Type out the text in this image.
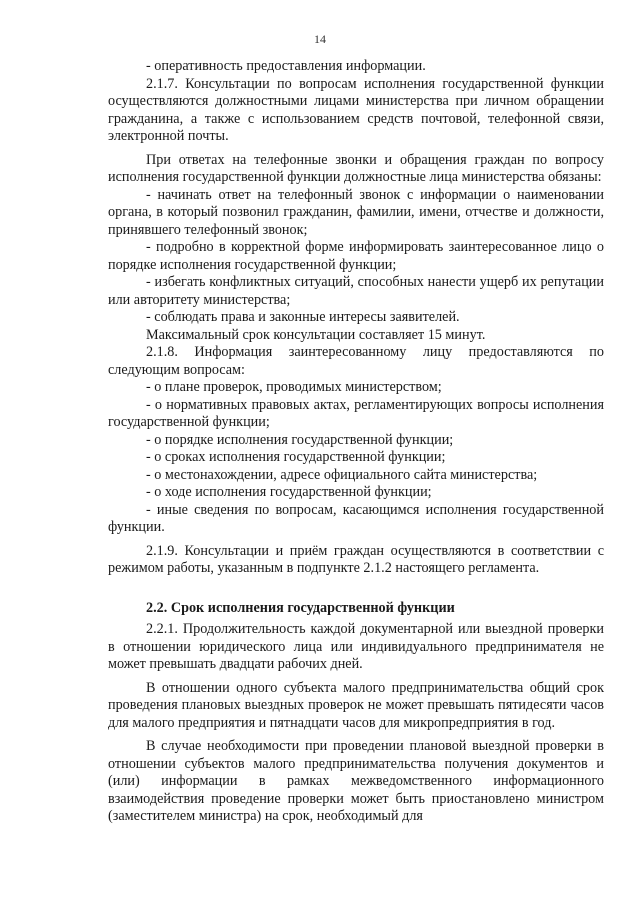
14

- оперативность предоставления информации.

2.1.7. Консультации по вопросам исполнения государственной функции осуществляются должностными лицами министерства при личном обращении гражданина, а также с использованием средств почтовой, телефонной связи, электронной почты.

При ответах на телефонные звонки и обращения граждан по вопросу исполнения государственной функции должностные лица министерства обязаны:

- начинать ответ на телефонный звонок с информации о наименовании органа, в который позвонил гражданин, фамилии, имени, отчестве и должности, принявшего телефонный звонок;

- подробно в корректной форме информировать заинтересованное лицо о порядке исполнения государственной функции;

- избегать конфликтных ситуаций, способных нанести ущерб их репутации или авторитету министерства;

- соблюдать права и законные интересы заявителей.

Максимальный срок консультации составляет 15 минут.

2.1.8. Информация заинтересованному лицу предоставляются по следующим вопросам:

- о плане проверок, проводимых министерством;

- о нормативных правовых актах, регламентирующих вопросы исполнения государственной функции;

- о порядке исполнения государственной функции;

- о сроках исполнения государственной функции;

- о местонахождении, адресе официального сайта министерства;

- о ходе исполнения государственной функции;

- иные сведения по вопросам, касающимся исполнения государственной функции.

2.1.9. Консультации и приём граждан осуществляются в соответствии с режимом работы, указанным в подпункте 2.1.2 настоящего регламента.

2.2. Срок исполнения государственной функции

2.2.1. Продолжительность каждой документарной или выездной проверки в отношении юридического лица или индивидуального предпринимателя не может превышать двадцати рабочих дней.

В отношении одного субъекта малого предпринимательства общий срок проведения плановых выездных проверок не может превышать пятидесяти часов для малого предприятия и пятнадцати часов для микропредприятия в год.

В случае необходимости при проведении плановой выездной проверки в отношении субъектов малого предпринимательства получения документов и (или) информации в рамках межведомственного информационного взаимодействия проведение проверки может быть приостановлено министром (заместителем министра) на срок, необходимый для
